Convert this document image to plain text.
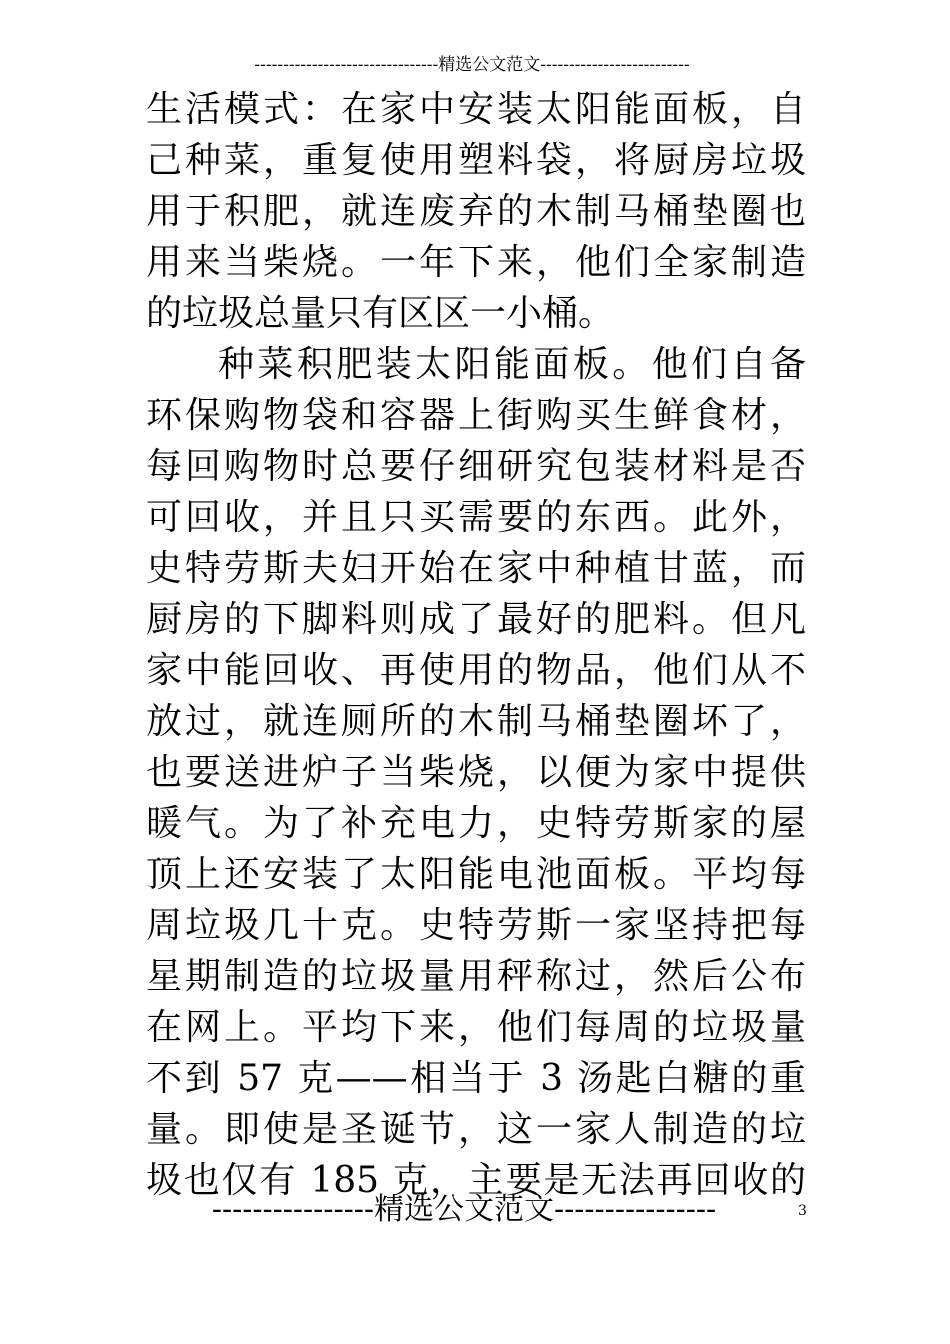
--------------------------------精选公文范文--------------------------
生活模式：在家中安装太阳能面板，自
己种菜，重复使用塑料袋，将厨房垃圾
用于积肥，就连废弃的木制马桶垫圈也
用来当柴烧。一年下来，他们全家制造
的垃圾总量只有区区一小桶。
种菜积肥装太阳能面板。他们自备
环保购物袋和容器上街购买生鲜食材，
每回购物时总要仔细研究包装材料是否
可回收，并且只买需要的东西。此外，
史特劳斯夫妇开始在家中种植甘蓝，而
厨房的下脚料则成了最好的肥料。但凡
家中能回收、再使用的物品，他们从不
放过，就连厕所的木制马桶垫圈坏了，
也要送进炉子当柴烧，以便为家中提供
暖气。为了补充电力，史特劳斯家的屋
顶上还安装了太阳能电池面板。平均每
周垃圾几十克。史特劳斯一家坚持把每
星期制造的垃圾量用秤称过，然后公布
在网上。平均下来，他们每周的垃圾量
不到 57 克——相当于 3 汤匙白糖的重
量。即使是圣诞节，这一家人制造的垃
圾也仅有 185 克，主要是无法再回收的
----------------精选公文范文----------------	3
